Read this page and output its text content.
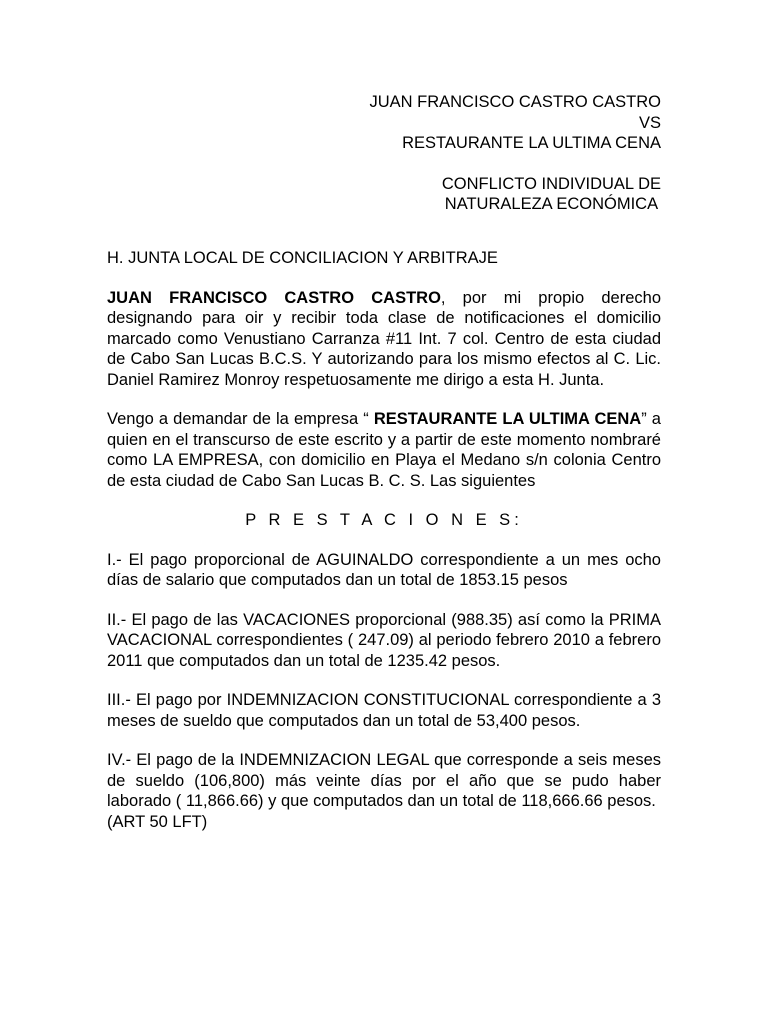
JUAN FRANCISCO CASTRO CASTRO
VS
RESTAURANTE LA ULTIMA CENA
CONFLICTO INDIVIDUAL DE
NATURALEZA ECONÓMICA
H. JUNTA LOCAL DE CONCILIACION Y ARBITRAJE
JUAN FRANCISCO CASTRO CASTRO, por mi propio derecho designando para oir y recibir toda clase de notificaciones el domicilio marcado como Venustiano Carranza #11 Int. 7 col. Centro de esta ciudad de Cabo San Lucas B.C.S. Y autorizando para los mismo efectos al C. Lic. Daniel Ramirez Monroy respetuosamente me dirigo a esta H. Junta.
Vengo a demandar de la empresa “ RESTAURANTE LA ULTIMA CENA” a quien en el transcurso de este escrito y a partir de este momento nombraré como LA EMPRESA, con domicilio en Playa el Medano s/n colonia Centro de esta ciudad de Cabo San Lucas B. C. S. Las siguientes
P R E S T A C I O N E S:
I.- El pago proporcional de AGUINALDO correspondiente a un mes ocho días de salario que computados dan un total de 1853.15 pesos
II.- El pago de las VACACIONES proporcional (988.35) así como la PRIMA VACACIONAL correspondientes ( 247.09) al periodo febrero 2010 a febrero 2011 que computados dan un total de 1235.42 pesos.
III.- El pago por INDEMNIZACION CONSTITUCIONAL correspondiente a 3 meses de sueldo que computados dan un total de 53,400 pesos.
IV.- El pago de la INDEMNIZACION LEGAL que corresponde a seis meses de sueldo (106,800) más veinte días por el año que se pudo haber laborado ( 11,866.66) y que computados dan un total de 118,666.66 pesos.
(ART 50 LFT)
